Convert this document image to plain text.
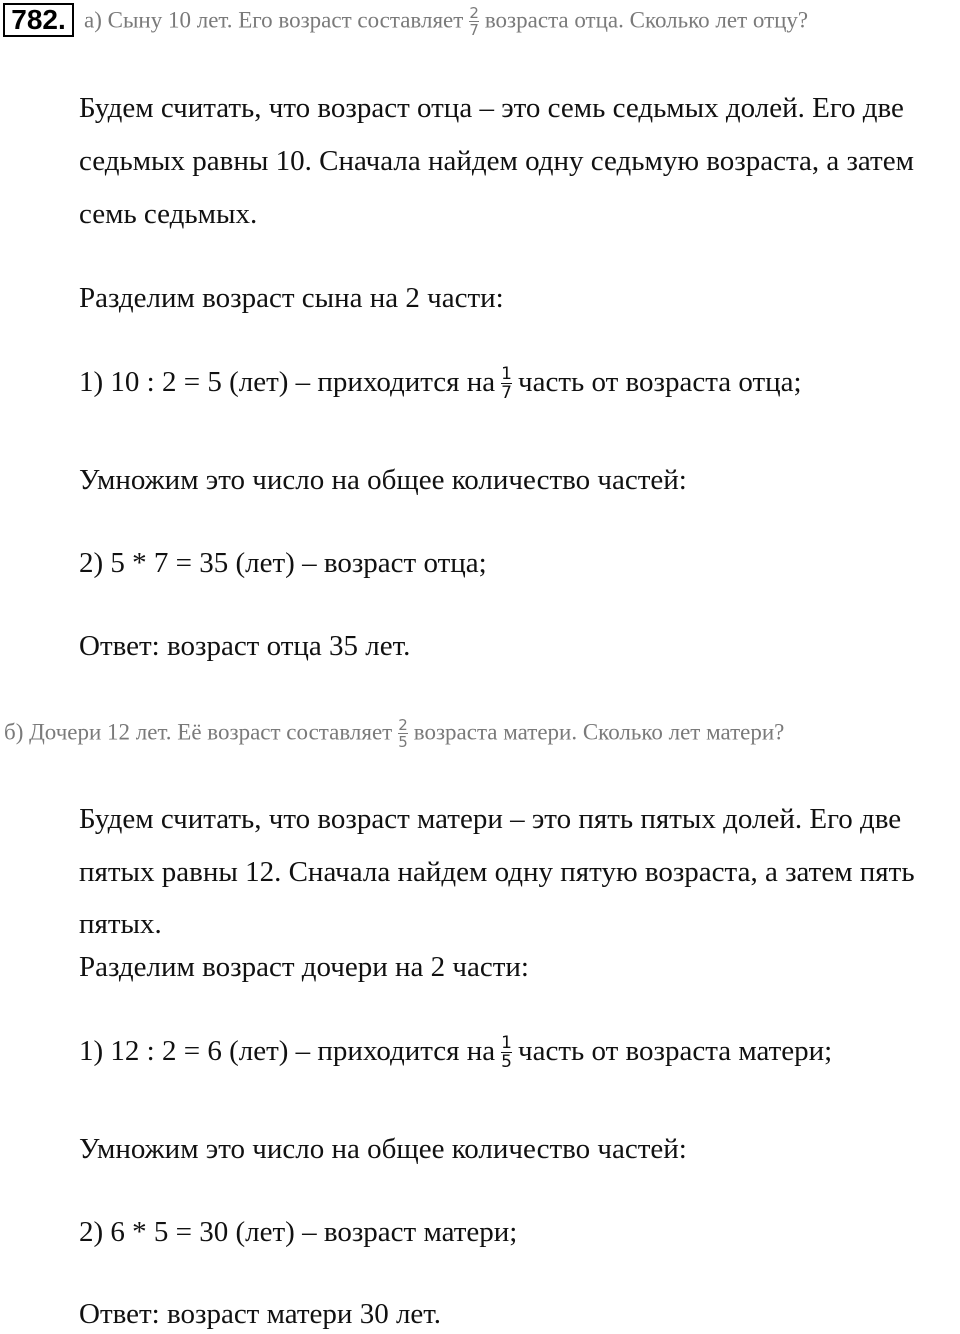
782. а) Сыну 10 лет. Его возраст составляет $\frac{2}{7}$ возраста отца. Сколько лет отцу?
Будем считать, что возраст отца – это семь седьмых долей. Его две
седьмых равны 10. Сначала найдем одну седьмую возраста, а затем
семь седьмых.
Разделим возраст сына на 2 части:
1) 10 : 2 = 5 (лет) – приходится на $\frac{1}{7}$ часть от возраста отца;
Умножим это число на общее количество частей:
2) 5 * 7 = 35 (лет) – возраст отца;
Ответ: возраст отца 35 лет.
б) Дочери 12 лет. Её возраст составляет $\frac{2}{5}$ возраста матери. Сколько лет матери?
Будем считать, что возраст матери – это пять пятых долей. Его две
пятых равны 12. Сначала найдем одну пятую возраста, а затем пять
пятых.
Разделим возраст дочери на 2 части:
1) 12 : 2 = 6 (лет) – приходится на $\frac{1}{5}$ часть от возраста матери;
Умножим это число на общее количество частей:
2) 6 * 5 = 30 (лет) – возраст матери;
Ответ: возраст матери 30 лет.
